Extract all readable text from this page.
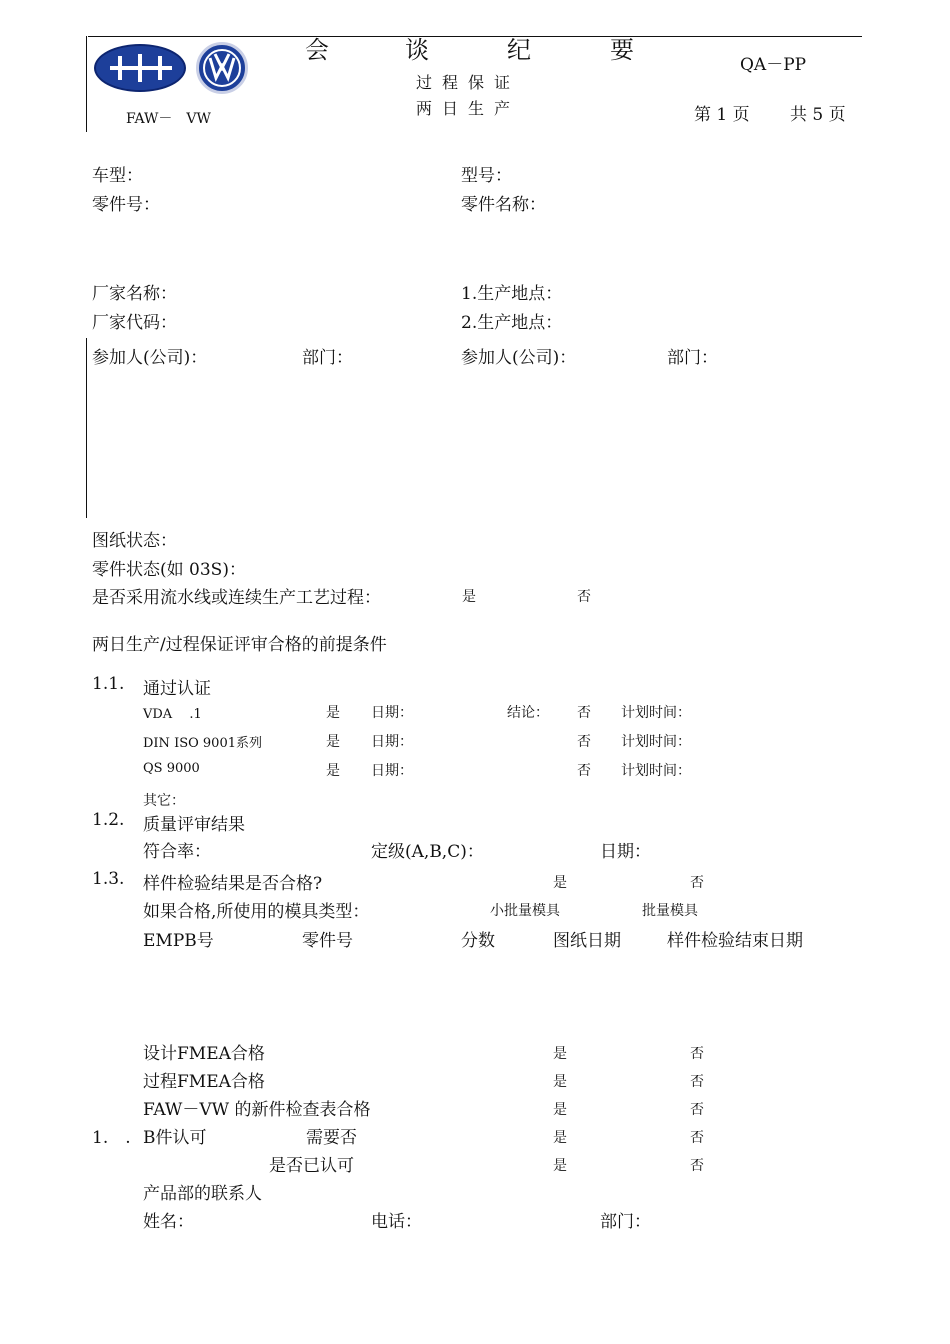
会	谈	纪	要
过程保证
两日生产
QA－PP
第 1 页 共 5 页
FAW－　VW
车型：	型号：
零件号：	零件名称：
厂家名称：	1.生产地点：
厂家代码：	2.生产地点：
参加人(公司)：	部门：	参加人(公司)：	部门：
图纸状态：
零件状态(如 03S)：
是否采用流水线或连续生产工艺过程：	是	否
两日生产/过程保证评审合格的前提条件
1.1. 通过认证
VDA　 .1	是 日期：	结论： 否 计划时间：
DIN ISO 9001系列	是 日期：	否 计划时间：
QS 9000	是 日期：	否 计划时间：
其它：
1.2. 质量评审结果
符合率：	定级(A,B,C)：	日期：
1.3. 样件检验结果是否合格?	是	否
如果合格,所使用的模具类型：	小批量模具	批量模具
EMPB号	零件号	分数	图纸日期	样件检验结束日期
设计FMEA合格	是	否
过程FMEA合格	是	否
FAW－VW 的新件检查表合格	是	否
1.　. B件认可	需要否	是	否
是否已认可	是	否
产品部的联系人
姓名：	电话：	部门：
